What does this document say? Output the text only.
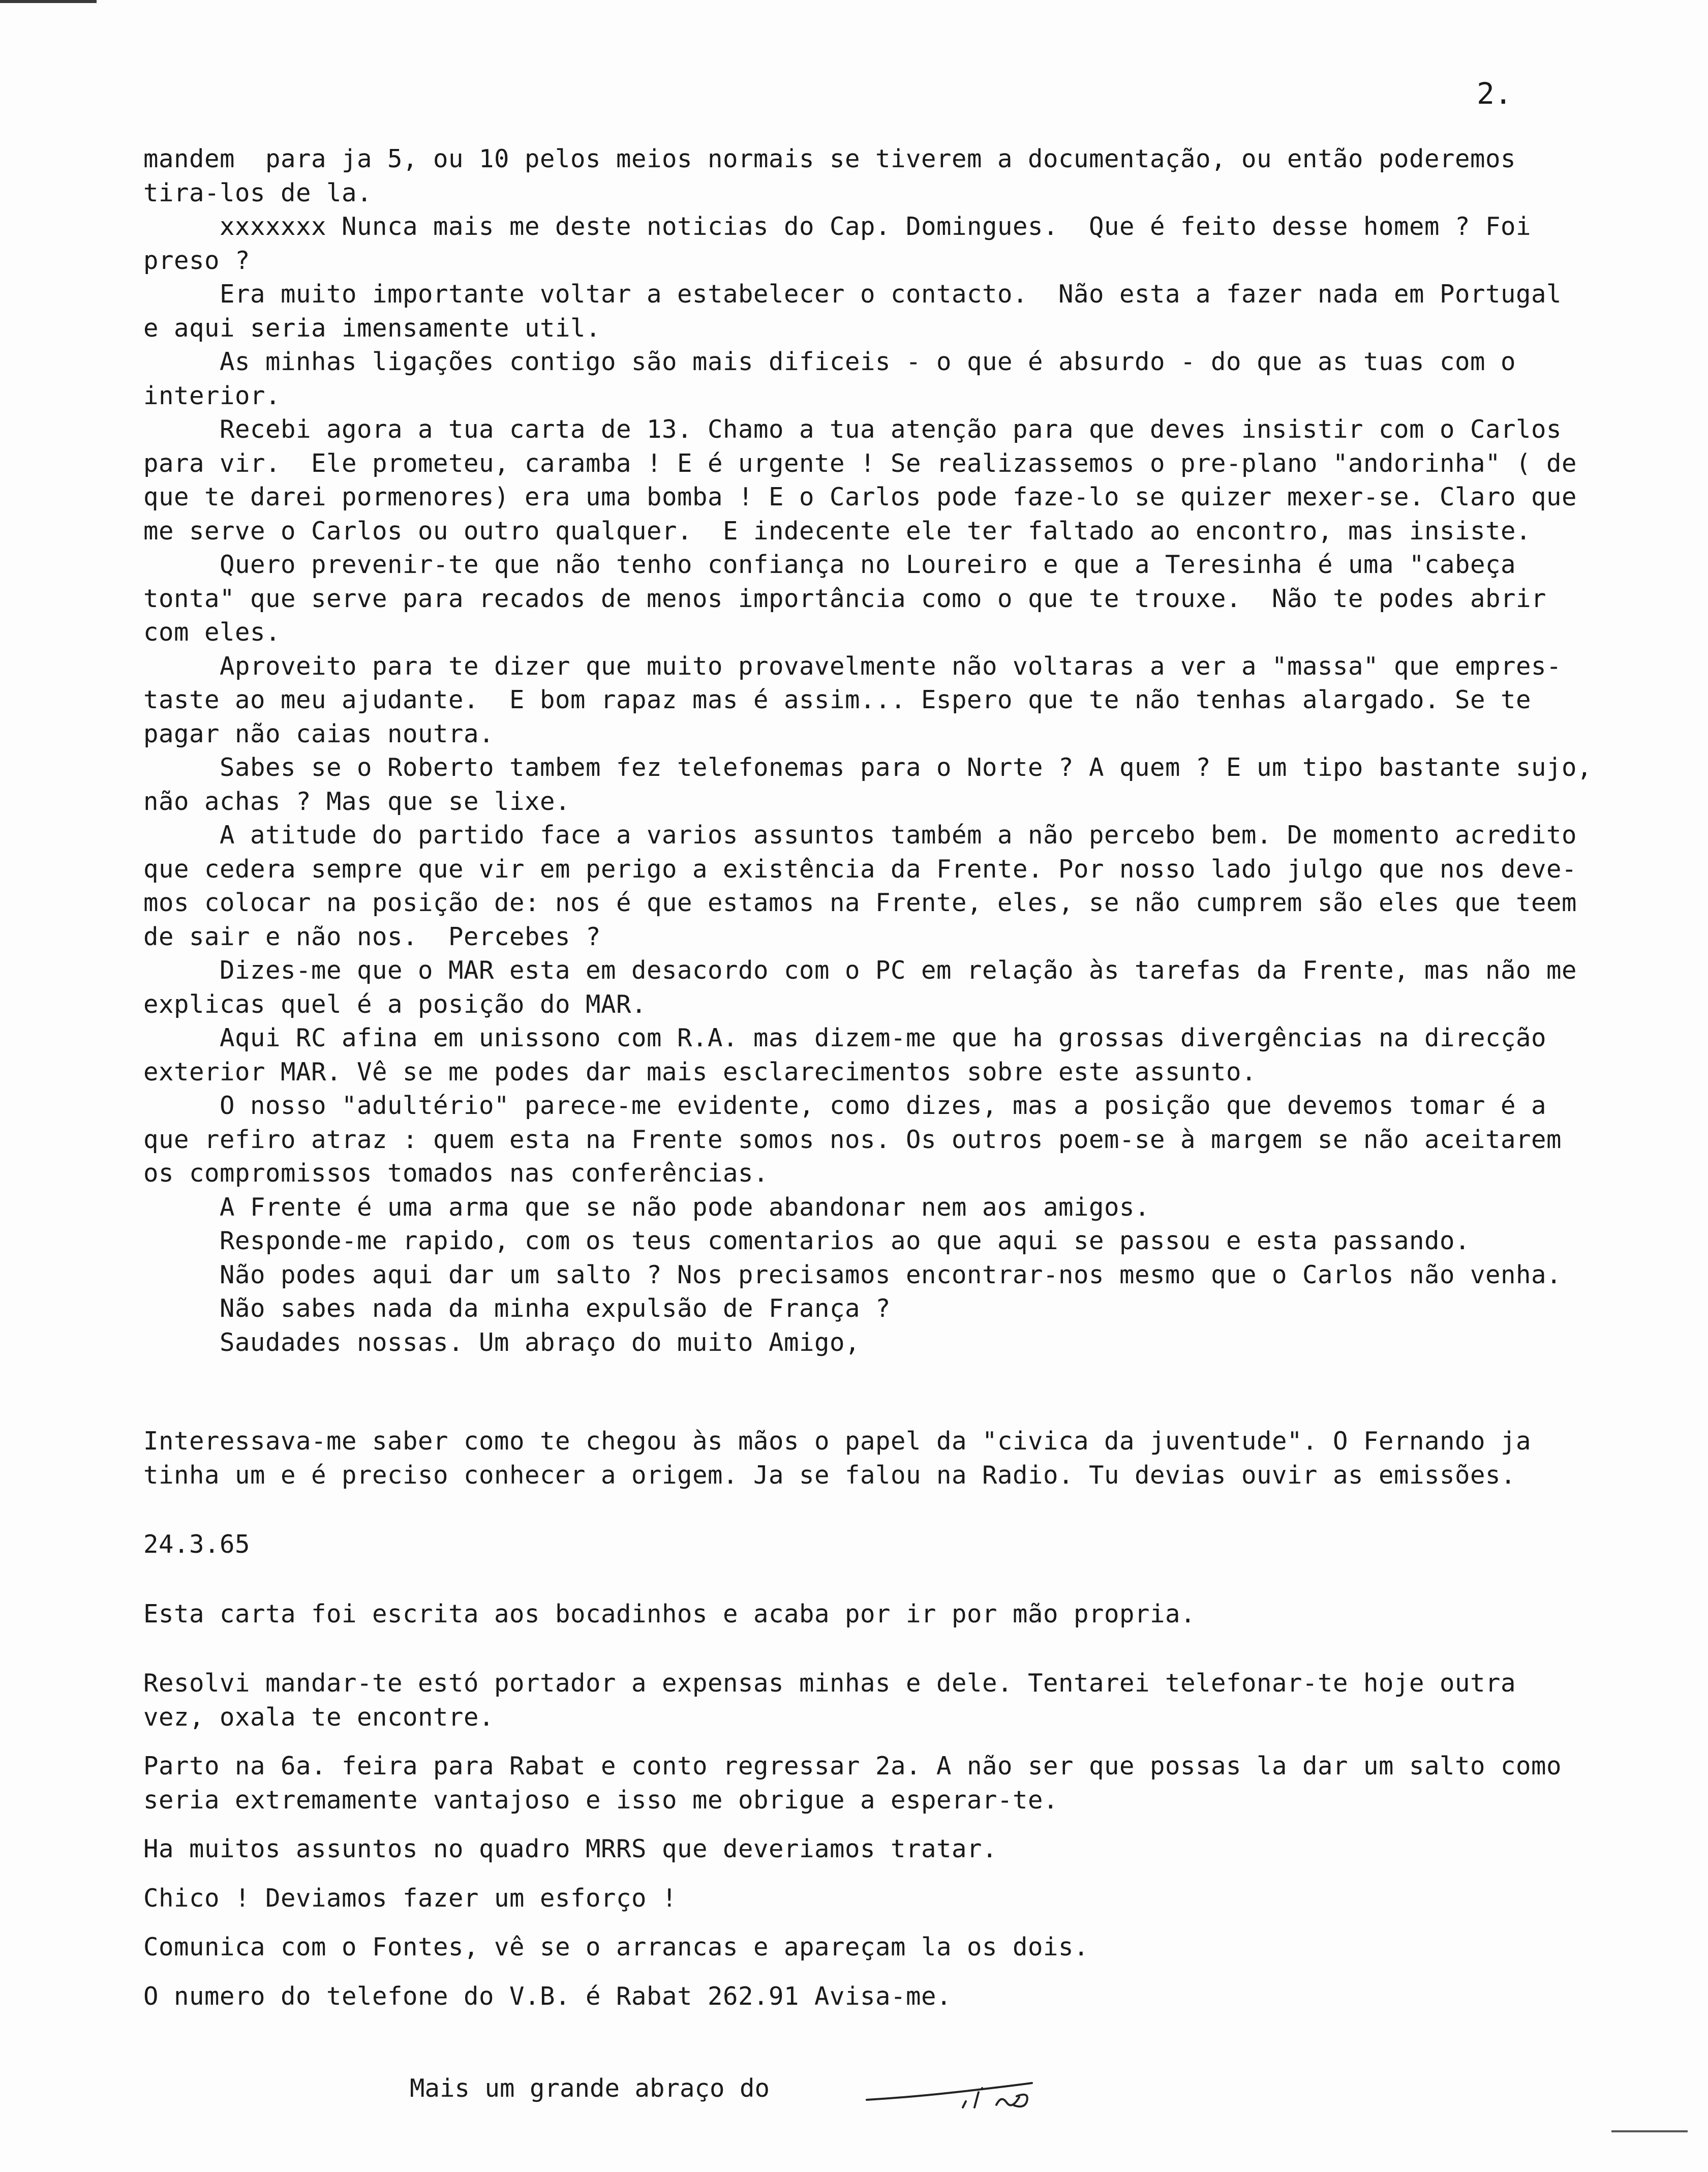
2.

mandem  para ja 5, ou 10 pelos meios normais se tiverem a documentação, ou então poderemos
tira-los de la.

xxxxxxx Nunca mais me deste noticias do Cap. Domingues.  Que é feito desse homem ? Foi
preso ?

Era muito importante voltar a estabelecer o contacto.  Não esta a fazer nada em Portugal
e aqui seria imensamente util.

As minhas ligações contigo são mais dificeis - o que é absurdo - do que as tuas com o
interior.

Recebi agora a tua carta de 13. Chamo a tua atenção para que deves insistir com o Carlos
para vir.  Ele prometeu, caramba ! E é urgente ! Se realizassemos o pre-plano "andorinha" ( de
que te darei pormenores) era uma bomba ! E o Carlos pode faze-lo se quizer mexer-se. Claro que
me serve o Carlos ou outro qualquer.  E indecente ele ter faltado ao encontro, mas insiste.

Quero prevenir-te que não tenho confiança no Loureiro e que a Teresinha é uma "cabeça
tonta" que serve para recados de menos importância como o que te trouxe.  Não te podes abrir
com eles.

Aproveito para te dizer que muito provavelmente não voltaras a ver a "massa" que empres-
taste ao meu ajudante.  E bom rapaz mas é assim... Espero que te não tenhas alargado. Se te
pagar não caias noutra.

Sabes se o Roberto tambem fez telefonemas para o Norte ? A quem ? E um tipo bastante sujo,
não achas ? Mas que se lixe.

A atitude do partido face a varios assuntos também a não percebo bem. De momento acredito
que cedera sempre que vir em perigo a existência da Frente. Por nosso lado julgo que nos deve-
mos colocar na posição de: nos é que estamos na Frente, eles, se não cumprem são eles que teem
de sair e não nos.  Percebes ?

Dizes-me que o MAR esta em desacordo com o PC em relação às tarefas da Frente, mas não me
explicas quel é a posição do MAR.

Aqui RC afina em unissono com R.A. mas dizem-me que ha grossas divergências na direcção
exterior MAR. Vê se me podes dar mais esclarecimentos sobre este assunto.

O nosso "adultério" parece-me evidente, como dizes, mas a posição que devemos tomar é a
que refiro atraz : quem esta na Frente somos nos. Os outros poem-se à margem se não aceitarem
os compromissos tomados nas conferências.

A Frente é uma arma que se não pode abandonar nem aos amigos.

Responde-me rapido, com os teus comentarios ao que aqui se passou e esta passando.

Não podes aqui dar um salto ? Nos precisamos encontrar-nos mesmo que o Carlos não venha.

Não sabes nada da minha expulsão de França ?

Saudades nossas. Um abraço do muito Amigo,

Interessava-me saber como te chegou às mãos o papel da "civica da juventude". O Fernando ja
tinha um e é preciso conhecer a origem. Ja se falou na Radio. Tu devias ouvir as emissões.

24.3.65

Esta carta foi escrita aos bocadinhos e acaba por ir por mão propria.

Resolvi mandar-te estó portador a expensas minhas e dele. Tentarei telefonar-te hoje outra
vez, oxala te encontre.

Parto na 6a. feira para Rabat e conto regressar 2a. A não ser que possas la dar um salto como
seria extremamente vantajoso e isso me obrigue a esperar-te.

Ha muitos assuntos no quadro MRRS que deveriamos tratar.

Chico ! Deviamos fazer um esforço !

Comunica com o Fontes, vê se o arrancas e apareçam la os dois.

O numero do telefone do V.B. é Rabat 262.91 Avisa-me.

Mais um grande abraço do
